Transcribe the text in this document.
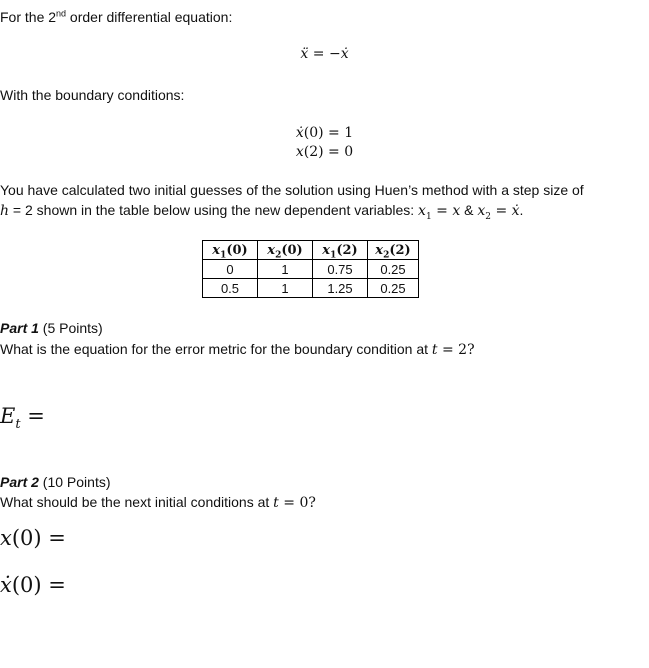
For the 2nd order differential equation:
ẍ = −ẋ
With the boundary conditions:
ẋ(0) = 1
x(2) = 0
You have calculated two initial guesses of the solution using Huen’s method with a step size of
h = 2 shown in the table below using the new dependent variables: $x_1 = x$ & $x_2$ = ẋ.
$x_1(0)$	$x_2(0)$	$x_1(2)$	$x_2(2)$
0	1	0.75	0.25
0.5	1	1.25	0.25
Part 1 (5 Points)
What is the equation for the error metric for the boundary condition at t = 2?
$E_t$ =
Part 2 (10 Points)
What should be the next initial conditions at t = 0?
x(0) =
ẋ(0) =
